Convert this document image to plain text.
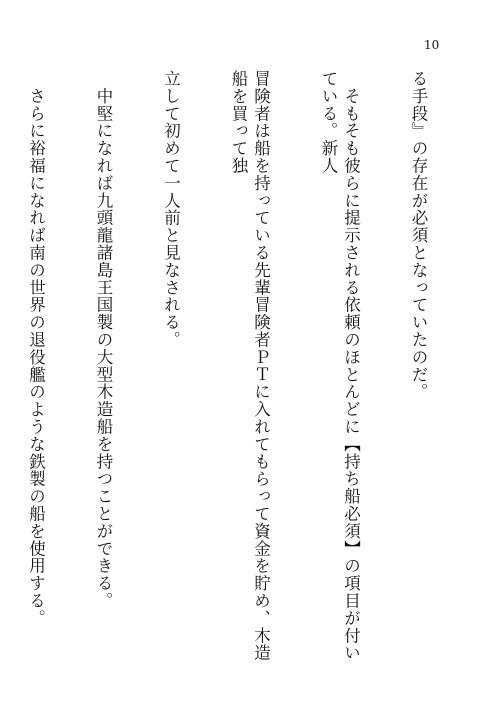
10

る手段』の存在が必須となっていたのだ。

　そもそも彼らに提示される依頼のほとんどに【持ち船必須】の項目が付いている。新人

冒険者は船を持っている先輩冒険者ＰＴに入れてもらって資金を貯め、木造船を買って独

立して初めて一人前と見なされる。

　中堅になれば九頭龍諸島王国製の大型木造船を持つことができる。

　さらに裕福になれば南の世界の退役艦のような鉄製の船を使用する。
